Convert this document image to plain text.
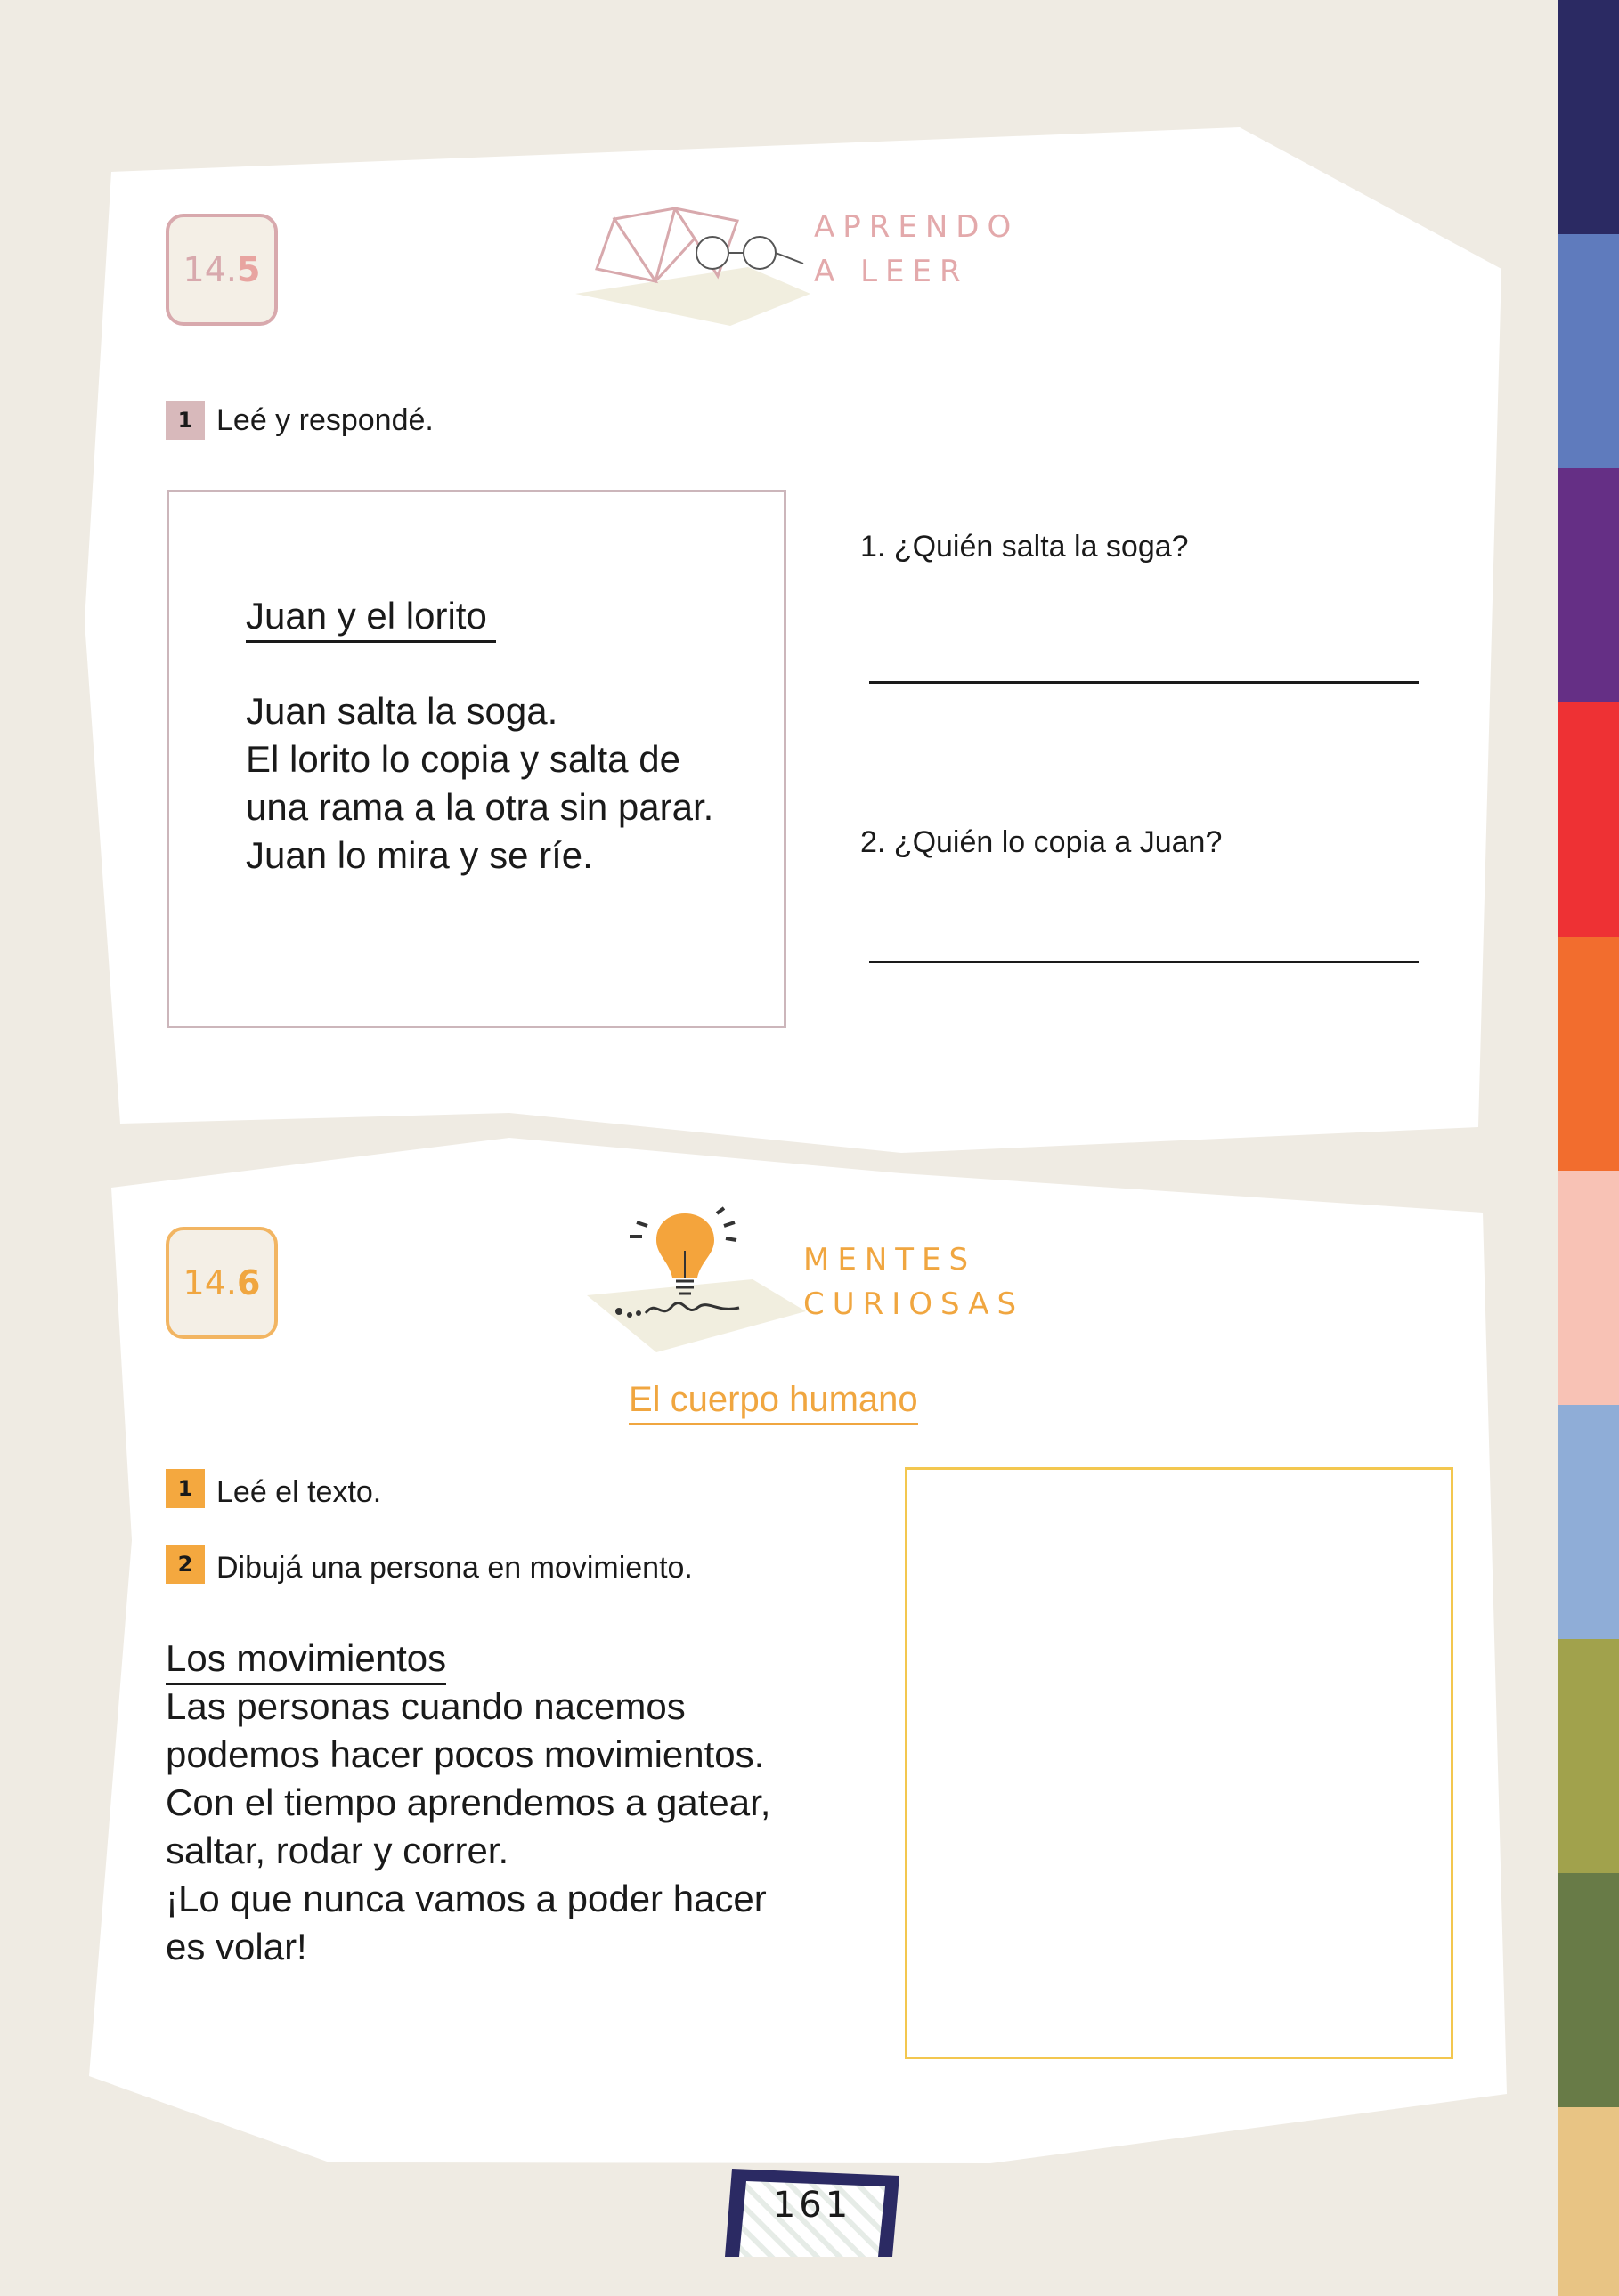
14. 5
APRENDO
A LEER
1 Leé y respondé.
Juan y el lorito
Juan salta la soga.
El lorito lo copia y salta de
una rama a la otra sin parar.
Juan lo mira y se ríe.
1. ¿Quién salta la soga?
2. ¿Quién lo copia a Juan?
14. 6
MENTES
CURIOSAS
El cuerpo humano
1 Leé el texto.
2 Dibujá una persona en movimiento.
Los movimientos
Las personas cuando nacemos
podemos hacer pocos movimientos.
Con el tiempo aprendemos a gatear,
saltar, rodar y correr.
¡Lo que nunca vamos a poder hacer
es volar!
161
